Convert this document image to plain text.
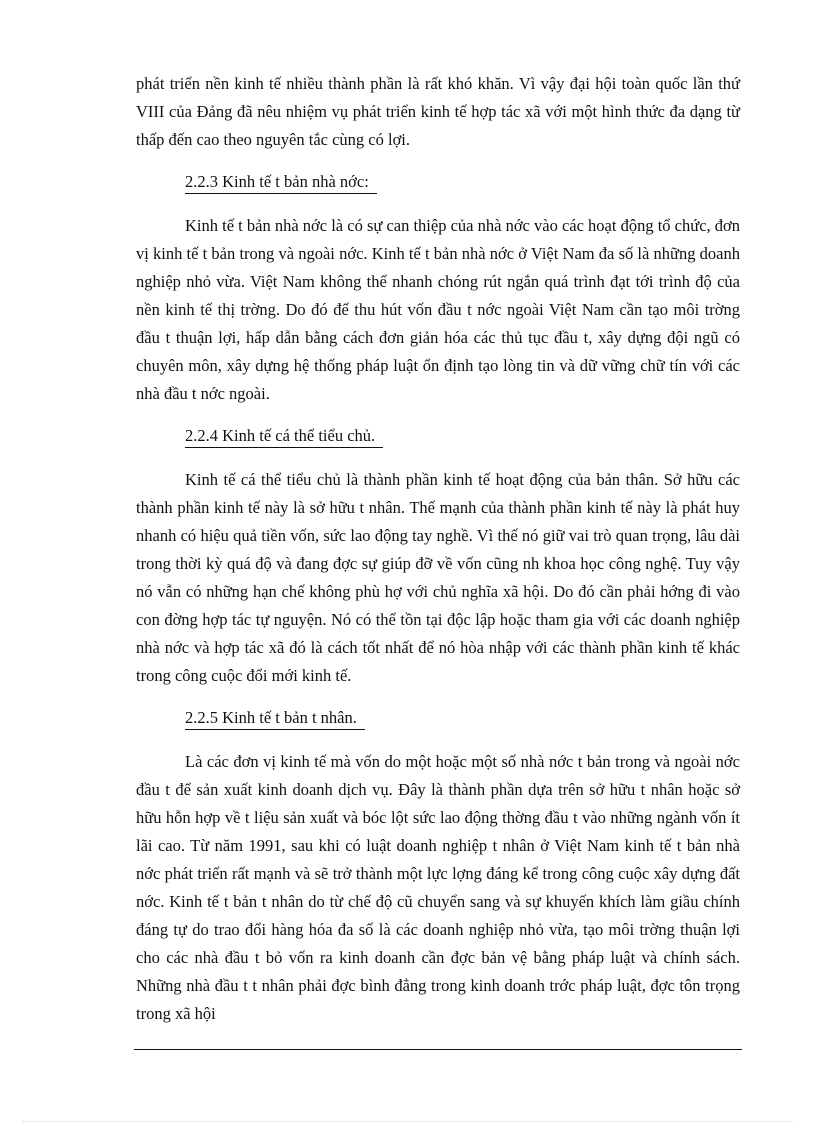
phát triển nền kinh tế nhiều thành phần là rất khó khăn. Vì vậy đại hội toàn quốc lần thứ VIII của Đảng đã nêu nhiệm vụ phát triển kinh tế hợp tác xã với một hình thức đa dạng từ thấp đến cao theo nguyên tắc cùng có lợi.

2.2.3 Kinh tế t bản nhà nớc:

Kinh tế t bản nhà nớc là có sự can thiệp của nhà nớc vào các hoạt động tổ chức, đơn vị kinh tế t bản trong và ngoài nớc. Kinh tế t bản nhà nớc ở Việt Nam đa số là những doanh nghiệp nhỏ vừa. Việt Nam không thể nhanh chóng rút ngắn quá trình đạt tới trình độ của nền kinh tế thị trờng. Do đó để thu hút vốn đầu t nớc ngoài Việt Nam cần tạo môi trờng đầu t thuận lợi, hấp dẫn bằng cách đơn giản hóa các thủ tục đầu t, xây dựng đội ngũ có chuyên môn, xây dựng hệ thống pháp luật ổn định tạo lòng tin và dữ vững chữ tín với các nhà đầu t nớc ngoài.

2.2.4 Kinh tế cá thể tiểu chủ.

Kinh tế cá thể tiểu chủ là thành phần kinh tế hoạt động của bản thân. Sở hữu các thành phần kinh tế này là sở hữu t nhân. Thế mạnh của thành phần kinh tế này là phát huy nhanh có hiệu quả tiền vốn, sức lao động tay nghề. Vì thế nó giữ vai trò quan trọng, lâu dài trong thời kỳ quá độ và đang đợc sự giúp đỡ về vốn cũng nh khoa học công nghệ. Tuy vậy nó vẫn có những hạn chế không phù hợ với chủ nghĩa xã hội. Do đó cần phải hớng đi vào con đờng hợp tác tự nguyện. Nó có thể tồn tại độc lập hoặc tham gia với các doanh nghiệp nhà nớc và hợp tác xã đó là cách tốt nhất để nó hòa nhập với các thành phần kinh tế khác trong công cuộc đổi mới kinh tế.

2.2.5 Kinh tế t bản t nhân.

Là các đơn vị kinh tế mà vốn do một hoặc một số nhà nớc t bản trong và ngoài nớc đầu t để sản xuất kinh doanh dịch vụ. Đây là thành phần dựa trên sở hữu t nhân hoặc sở hữu hỗn hợp về t liệu sản xuất và bóc lột sức lao động thờng đầu t vào những ngành vốn ít lãi cao. Từ năm 1991, sau khi có luật doanh nghiệp t nhân ở Việt Nam kinh tế t bản nhà nớc phát triển rất mạnh và sẽ trở thành một lực lợng đáng kể trong công cuộc xây dựng đất nớc. Kinh tế t bản t nhân do từ chế độ cũ chuyển sang và sự khuyến khích làm giầu chính đáng tự do trao đổi hàng hóa đa số là các doanh nghiệp nhỏ vừa, tạo môi trờng thuận lợi cho các nhà đầu t bỏ vốn ra kinh doanh cần đợc bản vệ bằng pháp luật và chính sách. Những nhà đầu t t nhân phải đợc bình đẳng trong kinh doanh trớc pháp luật, đợc tôn trọng trong xã hội
